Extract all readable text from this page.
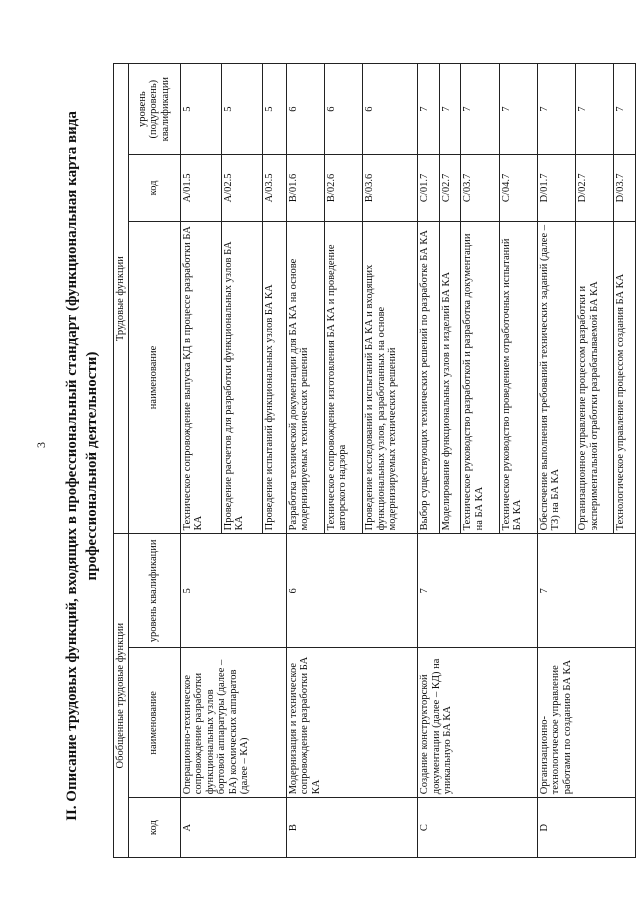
3 II. Описание трудовых функций, входящих в профессиональный стандарт (функциональная карта вида профессиональной деятельности)
Обобщенные трудовые функции			Трудовые функции		
код	наименование	уровень квалификации	наименование	код	уровень (подуровень) квалификации
A	Операционно-техническое сопровождение разработки функциональных узлов бортовой аппаратуры (далее – БА) космических аппаратов (далее – КА)	5	Техническое сопровождение выпуска КД в процессе разработки БА КА	A/01.5	5
			Проведение расчетов для разработки функциональных узлов БА КА	A/02.5	5
			Проведение испытаний функциональных узлов БА КА	A/03.5	5
B	Модернизация и техническое сопровождение разработки БА КА	6	Разработка технической документации для БА КА на основе модернизируемых технических решений	B/01.6	6
			Техническое сопровождение изготовления БА КА и проведение авторского надзора	B/02.6	6
			Проведение исследований и испытаний БА КА и входящих функциональных узлов, разработанных на основе модернизируемых технических решений	B/03.6	6
C	Создание конструкторской документации (далее – КД) на уникальную БА КА	7	Выбор существующих технических решений по разработке БА КА	C/01.7	7
			Моделирование функциональных узлов и изделий БА КА	C/02.7	7
			Техническое руководство разработкой и разработка документации на БА КА	C/03.7	7
			Техническое руководство проведением отработочных испытаний БА КА	C/04.7	7
D	Организационно-технологическое управление работами по созданию БА КА	7	Обеспечение выполнения требований технических заданий (далее – ТЗ) на БА КА	D/01.7	7
			Организационное управление процессом разработки и экспериментальной отработки разрабатываемой БА КА	D/02.7	7
			Технологическое управление процессом создания БА КА	D/03.7	7
